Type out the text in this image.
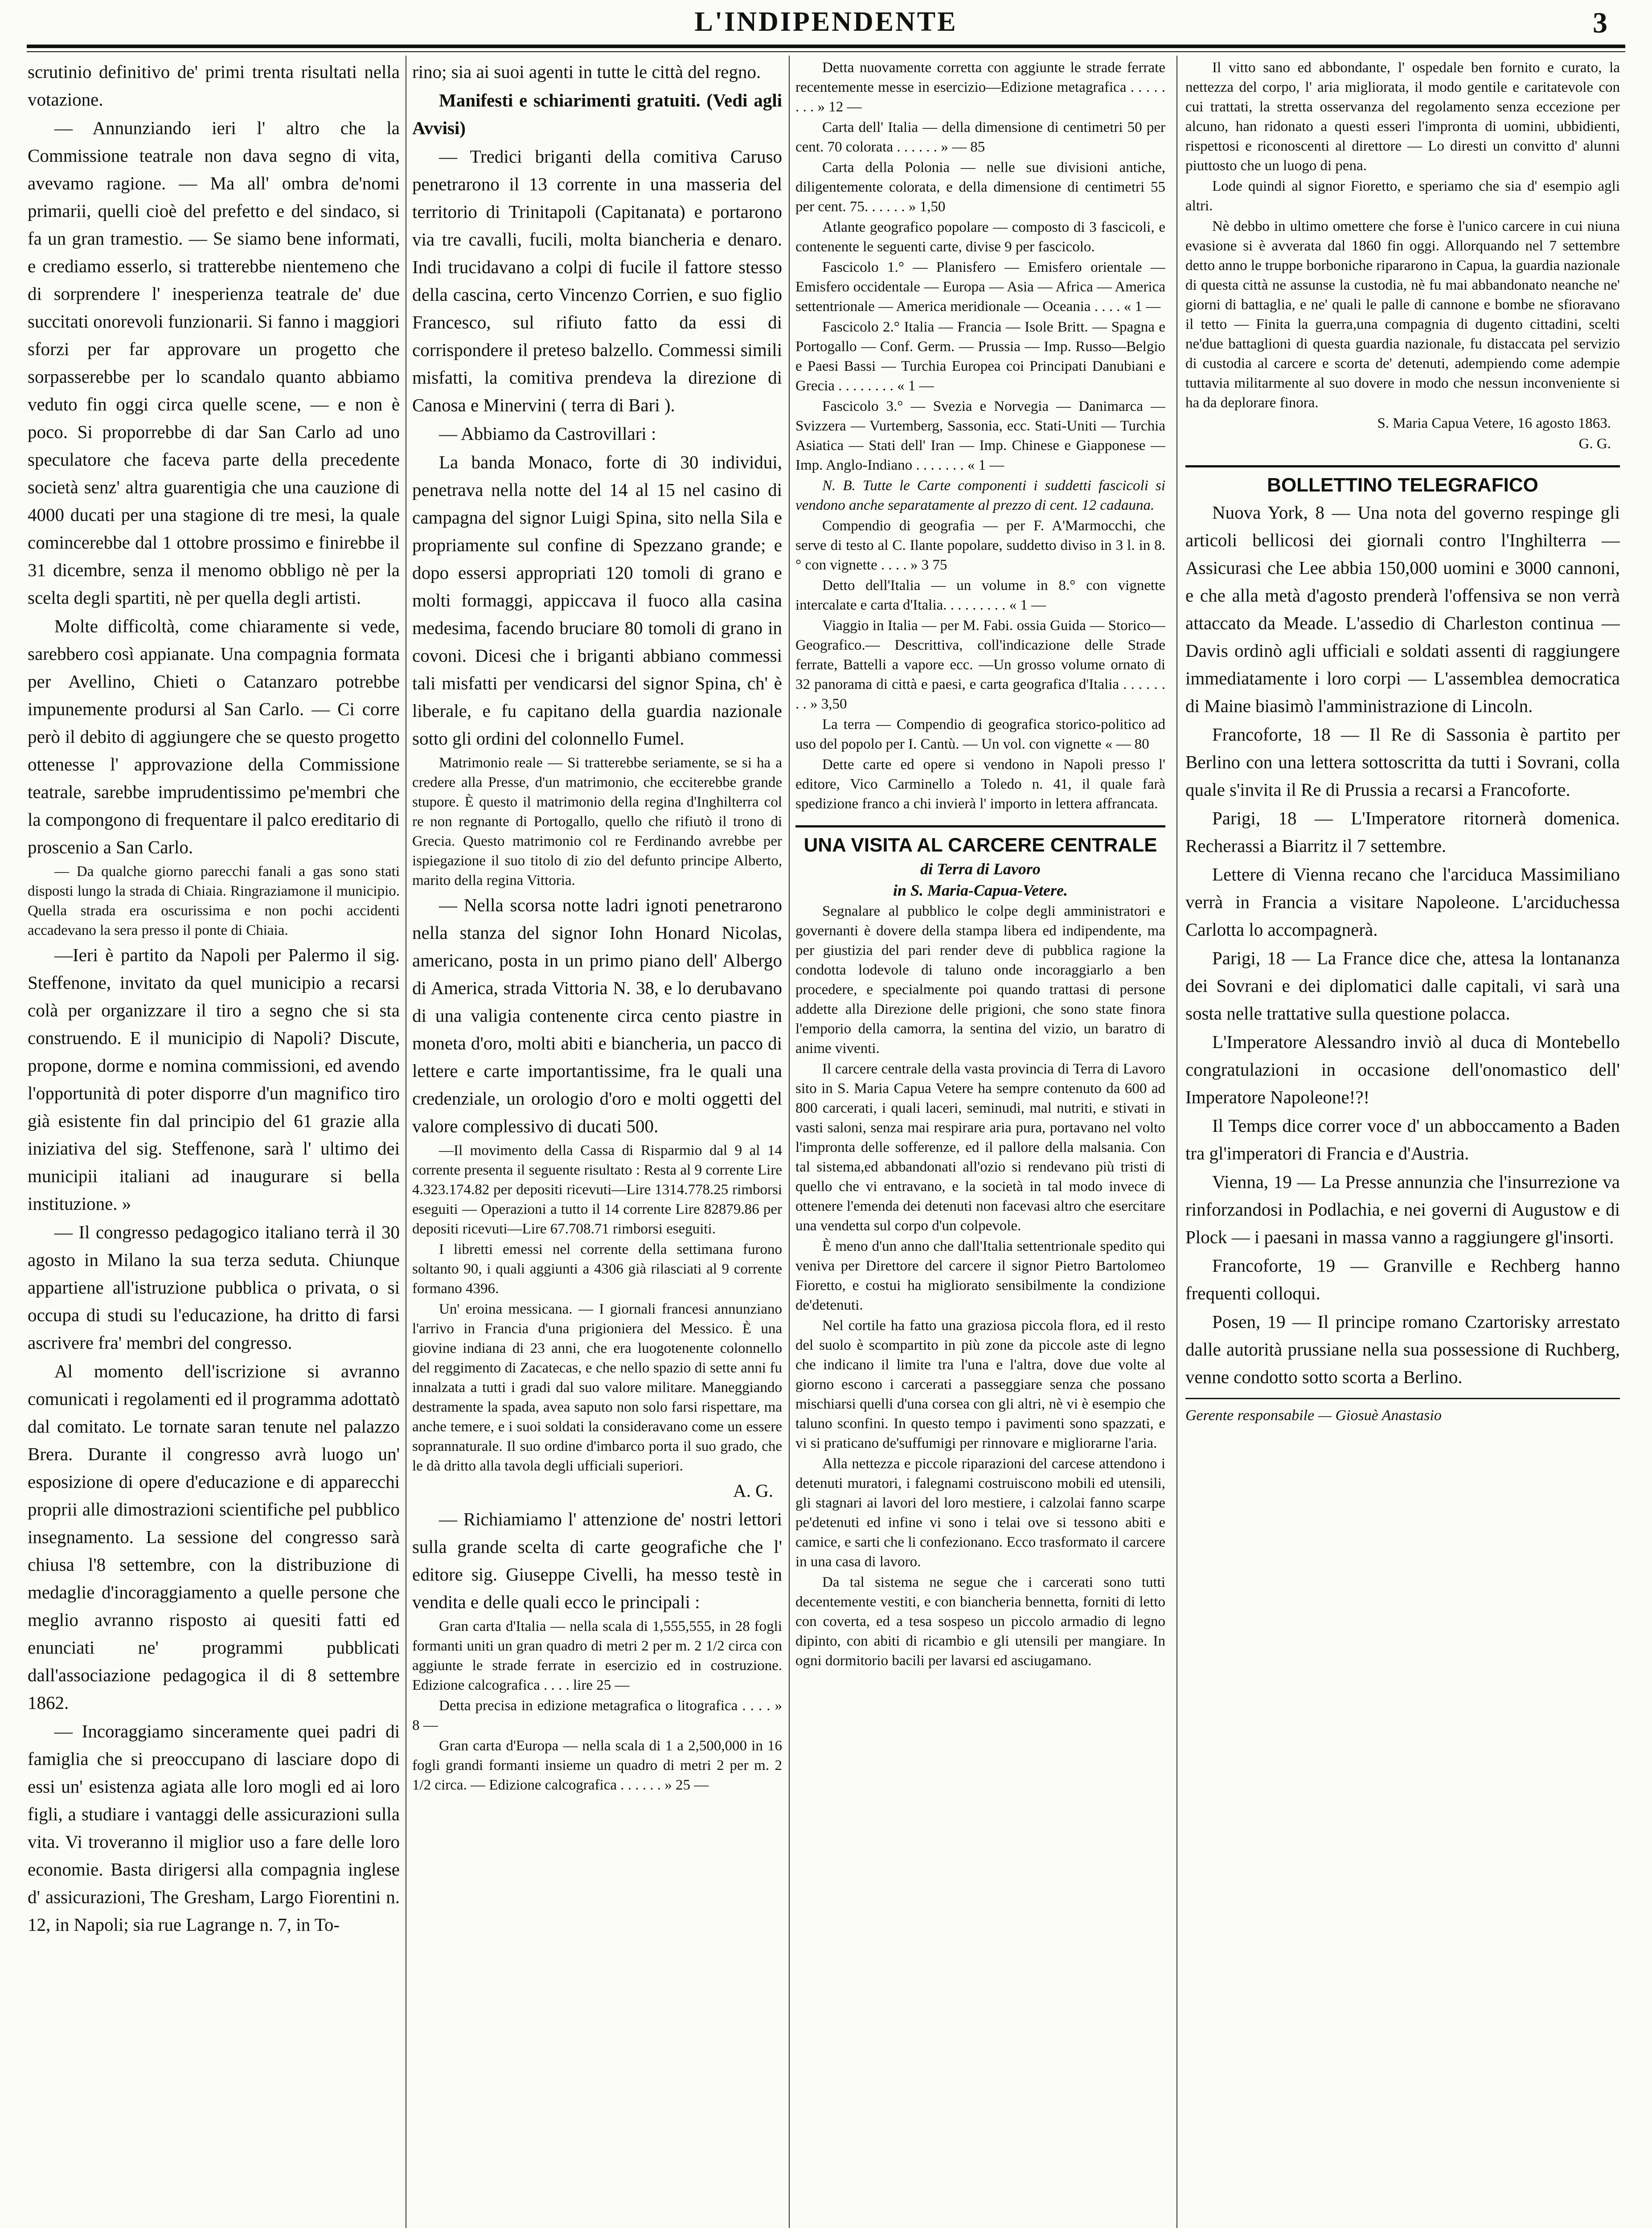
L'INDIPENDENTE	3

scrutinio definitivo de' primi trenta risultati nella votazione.

— Annunziando ieri l' altro che la Commissione teatrale non dava segno di vita, avevamo ragione. — Ma all' ombra de'nomi primarii, quelli cioè del prefetto e del sindaco, si fa un gran tramestio. — Se siamo bene informati, e crediamo esserlo, si tratterebbe nientemeno che di sorprendere l' inesperienza teatrale de' due succitati onorevoli funzionarii. Si fanno i maggiori sforzi per far approvare un progetto che sorpasserebbe per lo scandalo quanto abbiamo veduto fin oggi circa quelle scene, — e non è poco. Si proporrebbe di dar San Carlo ad uno speculatore che faceva parte della precedente società senz' altra guarentigia che una cauzione di 4000 ducati per una stagione di tre mesi, la quale comincerebbe dal 1 ottobre prossimo e finirebbe il 31 dicembre, senza il menomo obbligo nè per la scelta degli spartiti, nè per quella degli artisti.

Molte difficoltà, come chiaramente si vede, sarebbero così appianate. Una compagnia formata per Avellino, Chieti o Catanzaro potrebbe impunemente prodursi al San Carlo. — Ci corre però il debito di aggiungere che se questo progetto ottenesse l' approvazione della Commissione teatrale, sarebbe imprudentissimo pe'membri che la compongono di frequentare il palco ereditario di proscenio a San Carlo.

— Da qualche giorno parecchi fanali a gas sono stati disposti lungo la strada di Chiaia. Ringraziamone il municipio. Quella strada era oscurissima e non pochi accidenti accadevano la sera presso il ponte di Chiaia.

—Ieri è partito da Napoli per Palermo il sig. Steffenone, invitato da quel municipio a recarsi colà per organizzare il tiro a segno che si sta construendo. E il municipio di Napoli? Discute, propone, dorme e nomina commissioni, ed avendo l'opportunità di poter disporre d'un magnifico tiro già esistente fin dal principio del 61 grazie alla iniziativa del sig. Steffenone, sarà l' ultimo dei municipii italiani ad inaugurare si bella instituzione. »

— Il congresso pedagogico italiano terrà il 30 agosto in Milano la sua terza seduta. Chiunque appartiene all'istruzione pubblica o privata, o si occupa di studi su l'educazione, ha dritto di farsi ascrivere fra' membri del congresso.

Al momento dell'iscrizione si avranno comunicati i regolamenti ed il programma adottatò dal comitato. Le tornate saran tenute nel palazzo Brera. Durante il congresso avrà luogo un' esposizione di opere d'educazione e di apparecchi proprii alle dimostrazioni scientifiche pel pubblico insegnamento. La sessione del congresso sarà chiusa l'8 settembre, con la distribuzione di medaglie d'incoraggiamento a quelle persone che meglio avranno risposto ai quesiti fatti ed enunciati ne' programmi pubblicati dall'associazione pedagogica il di 8 settembre 1862.

— Incoraggiamo sinceramente quei padri di famiglia che si preoccupano di lasciare dopo di essi un' esistenza agiata alle loro mogli ed ai loro figli, a studiare i vantaggi delle assicurazioni sulla vita. Vi troveranno il miglior uso a fare delle loro economie. Basta dirigersi alla compagnia inglese d' assicurazioni, The Gresham, Largo Fiorentini n. 12, in Napoli; sia rue Lagrange n. 7, in To-

rino; sia ai suoi agenti in tutte le città del regno.

Manifesti e schiarimenti gratuiti. (Vedi agli Avvisi)

— Tredici briganti della comitiva Caruso penetrarono il 13 corrente in una masseria del territorio di Trinitapoli (Capitanata) e portarono via tre cavalli, fucili, molta biancheria e denaro. Indi trucidavano a colpi di fucile il fattore stesso della cascina, certo Vincenzo Corrien, e suo figlio Francesco, sul rifiuto fatto da essi di corrispondere il preteso balzello. Commessi simili misfatti, la comitiva prendeva la direzione di Canosa e Minervini ( terra di Bari ).

— Abbiamo da Castrovillari :

La banda Monaco, forte di 30 individui, penetrava nella notte del 14 al 15 nel casino di campagna del signor Luigi Spina, sito nella Sila e propriamente sul confine di Spezzano grande; e dopo essersi appropriati 120 tomoli di grano e molti formaggi, appiccava il fuoco alla casina medesima, facendo bruciare 80 tomoli di grano in covoni. Dicesi che i briganti abbiano commessi tali misfatti per vendicarsi del signor Spina, ch' è liberale, e fu capitano della guardia nazionale sotto gli ordini del colonnello Fumel.

Matrimonio reale — Si tratterebbe seriamente, se si ha a credere alla Presse, d'un matrimonio, che ecciterebbe grande stupore. È questo il matrimonio della regina d'Inghilterra col re non regnante di Portogallo, quello che rifiutò il trono di Grecia. Questo matrimonio col re Ferdinando avrebbe per ispiegazione il suo titolo di zio del defunto principe Alberto, marito della regina Vittoria.

— Nella scorsa notte ladri ignoti penetrarono nella stanza del signor Iohn Honard Nicolas, americano, posta in un primo piano dell' Albergo di America, strada Vittoria N. 38, e lo derubavano di una valigia contenente circa cento piastre in moneta d'oro, molti abiti e biancheria, un pacco di lettere e carte importantissime, fra le quali una credenziale, un orologio d'oro e molti oggetti del valore complessivo di ducati 500.

—Il movimento della Cassa di Risparmio dal 9 al 14 corrente presenta il seguente risultato : Resta al 9 corrente Lire 4.323.174.82 per depositi ricevuti—Lire 1314.778.25 rimborsi eseguiti — Operazioni a tutto il 14 corrente Lire 82879.86 per depositi ricevuti—Lire 67.708.71 rimborsi eseguiti.

I libretti emessi nel corrente della settimana furono soltanto 90, i quali aggiunti a 4306 già rilasciati al 9 corrente formano 4396.

Un' eroina messicana. — I giornali francesi annunziano l'arrivo in Francia d'una prigioniera del Messico. È una giovine indiana di 23 anni, che era luogotenente colonnello del reggimento di Zacatecas, e che nello spazio di sette anni fu innalzata a tutti i gradi dal suo valore militare. Maneggiando destramente la spada, avea saputo non solo farsi rispettare, ma anche temere, e i suoi soldati la consideravano come un essere soprannaturale. Il suo ordine d'imbarco porta il suo grado, che le dà dritto alla tavola degli ufficiali superiori.

A. G.

— Richiamiamo l' attenzione de' nostri lettori sulla grande scelta di carte geografiche che l' editore sig. Giuseppe Civelli, ha messo testè in vendita e delle quali ecco le principali :

Gran carta d'Italia — nella scala di 1,555,555, in 28 fogli formanti uniti un gran quadro di metri 2 per m. 2 1/2 circa con aggiunte le strade ferrate in esercizio ed in costruzione. Edizione calcografica . . . . lire 25 —

Detta precisa in edizione metagrafica o litografica . . . . » 8 —

Gran carta d'Europa — nella scala di 1 a 2,500,000 in 16 fogli grandi formanti insieme un quadro di metri 2 per m. 2 1/2 circa. — Edizione calcografica . . . . . . » 25 —

Detta nuovamente corretta con aggiunte le strade ferrate recentemente messe in esercizio—Edizione metagrafica . . . . . . . . » 12 —

Carta dell' Italia — della dimensione di centimetri 50 per cent. 70 colorata . . . . . . » — 85

Carta della Polonia — nelle sue divisioni antiche, diligentemente colorata, e della dimensione di centimetri 55 per cent. 75. . . . . . » 1,50

Atlante geografico popolare — composto di 3 fascicoli, e contenente le seguenti carte, divise 9 per fascicolo.

Fascicolo 1.° — Planisfero — Emisfero orientale — Emisfero occidentale — Europa — Asia — Africa — America settentrionale — America meridionale — Oceania . . . . « 1 —

Fascicolo 2.° Italia — Francia — Isole Britt. — Spagna e Portogallo — Conf. Germ. — Prussia — Imp. Russo—Belgio e Paesi Bassi — Turchia Europea coi Principati Danubiani e Grecia . . . . . . . . « 1 —

Fascicolo 3.° — Svezia e Norvegia — Danimarca — Svizzera — Vurtemberg, Sassonia, ecc. Stati-Uniti — Turchia Asiatica — Stati dell' Iran — Imp. Chinese e Giapponese — Imp. Anglo-Indiano . . . . . . . « 1 —

N. B. Tutte le Carte componenti i suddetti fascicoli si vendono anche separatamente al prezzo di cent. 12 cadauna.

Compendio di geografia — per F. A'Marmocchi, che serve di testo al C. Ilante popolare, suddetto diviso in 3 l. in 8.° con vignette . . . . » 3 75

Detto dell'Italia — un volume in 8.° con vignette intercalate e carta d'Italia. . . . . . . . . « 1 —

Viaggio in Italia — per M. Fabi. ossia Guida — Storico—Geografico.— Descrittiva, coll'indicazione delle Strade ferrate, Battelli a vapore ecc. —Un grosso volume ornato di 32 panorama di città e paesi, e carta geografica d'Italia . . . . . . . . » 3,50

La terra — Compendio di geografica storico-politico ad uso del popolo per I. Cantù. — Un vol. con vignette « — 80

Dette carte ed opere si vendono in Napoli presso l' editore, Vico Carminello a Toledo n. 41, il quale farà spedizione franco a chi invierà l' importo in lettera affrancata.

UNA VISITA AL CARCERE CENTRALE
di Terra di Lavoro
in S. Maria-Capua-Vetere.

Segnalare al pubblico le colpe degli amministratori e governanti è dovere della stampa libera ed indipendente, ma per giustizia del pari render deve di pubblica ragione la condotta lodevole di taluno onde incoraggiarlo a ben procedere, e specialmente poi quando trattasi di persone addette alla Direzione delle prigioni, che sono state finora l'emporio della camorra, la sentina del vizio, un baratro di anime viventi.

Il carcere centrale della vasta provincia di Terra di Lavoro sito in S. Maria Capua Vetere ha sempre contenuto da 600 ad 800 carcerati, i quali laceri, seminudi, mal nutriti, e stivati in vasti saloni, senza mai respirare aria pura, portavano nel volto l'impronta delle sofferenze, ed il pallore della malsania. Con tal sistema,ed abbandonati all'ozio si rendevano più tristi di quello che vi entravano, e la società in tal modo invece di ottenere l'emenda dei detenuti non facevasi altro che esercitare una vendetta sul corpo d'un colpevole.

È meno d'un anno che dall'Italia settentrionale spedito qui veniva per Direttore del carcere il signor Pietro Bartolomeo Fioretto, e costui ha migliorato sensibilmente la condizione de'detenuti.

Nel cortile ha fatto una graziosa piccola flora, ed il resto del suolo è scompartito in più zone da piccole aste di legno che indicano il limite tra l'una e l'altra, dove due volte al giorno escono i carcerati a passeggiare senza che possano mischiarsi quelli d'una corsea con gli altri, nè vi è esempio che taluno sconfini. In questo tempo i pavimenti sono spazzati, e vi si praticano de'suffumigi per rinnovare e migliorarne l'aria.

Alla nettezza e piccole riparazioni del carcese attendono i detenuti muratori, i falegnami costruiscono mobili ed utensili, gli stagnari ai lavori del loro mestiere, i calzolai fanno scarpe pe'detenuti ed infine vi sono i telai ove si tessono abiti e camice, e sarti che li confezionano. Ecco trasformato il carcere in una casa di lavoro.

Da tal sistema ne segue che i carcerati sono tutti decentemente vestiti, e con biancheria bennetta, forniti di letto con coverta, ed a tesa sospeso un piccolo armadio di legno dipinto, con abiti di ricambio e gli utensili per mangiare. In ogni dormitorio bacili per lavarsi ed asciugamano.

Il vitto sano ed abbondante, l' ospedale ben fornito e curato, la nettezza del corpo, l' aria migliorata, il modo gentile e caritatevole con cui trattati, la stretta osservanza del regolamento senza eccezione per alcuno, han ridonato a questi esseri l'impronta di uomini, ubbidienti, rispettosi e riconoscenti al direttore — Lo diresti un convitto d' alunni piuttosto che un luogo di pena.

Lode quindi al signor Fioretto, e speriamo che sia d' esempio agli altri.

Nè debbo in ultimo omettere che forse è l'unico carcere in cui niuna evasione si è avverata dal 1860 fin oggi. Allorquando nel 7 settembre detto anno le truppe borboniche ripararono in Capua, la guardia nazionale di questa città ne assunse la custodia, nè fu mai abbandonato neanche ne' giorni di battaglia, e ne' quali le palle di cannone e bombe ne sfioravano il tetto — Finita la guerra,una compagnia di dugento cittadini, scelti ne'due battaglioni di questa guardia nazionale, fu distaccata pel servizio di custodia al carcere e scorta de' detenuti, adempiendo come adempie tuttavia militarmente al suo dovere in modo che nessun inconveniente si ha da deplorare finora.

S. Maria Capua Vetere, 16 agosto 1863.

G. G.

BOLLETTINO TELEGRAFICO

Nuova York, 8 — Una nota del governo respinge gli articoli bellicosi dei giornali contro l'Inghilterra — Assicurasi che Lee abbia 150,000 uomini e 3000 cannoni, e che alla metà d'agosto prenderà l'offensiva se non verrà attaccato da Meade. L'assedio di Charleston continua — Davis ordinò agli ufficiali e soldati assenti di raggiungere immediatamente i loro corpi — L'assemblea democratica di Maine biasimò l'amministrazione di Lincoln.

Francoforte, 18 — Il Re di Sassonia è partito per Berlino con una lettera sottoscritta da tutti i Sovrani, colla quale s'invita il Re di Prussia a recarsi a Francoforte.

Parigi, 18 — L'Imperatore ritornerà domenica. Recherassi a Biarritz il 7 settembre.

Lettere di Vienna recano che l'arciduca Massimiliano verrà in Francia a visitare Napoleone. L'arciduchessa Carlotta lo accompagnerà.

Parigi, 18 — La France dice che, attesa la lontananza dei Sovrani e dei diplomatici dalle capitali, vi sarà una sosta nelle trattative sulla questione polacca.

L'Imperatore Alessandro inviò al duca di Montebello congratulazioni in occasione dell'onomastico dell' Imperatore Napoleone!?!

Il Temps dice correr voce d' un abboccamento a Baden tra gl'imperatori di Francia e d'Austria.

Vienna, 19 — La Presse annunzia che l'insurrezione va rinforzandosi in Podlachia, e nei governi di Augustow e di Plock — i paesani in massa vanno a raggiungere gl'insorti.

Francoforte, 19 — Granville e Rechberg hanno frequenti colloqui.

Posen, 19 — Il principe romano Czartorisky arrestato dalle autorità prussiane nella sua possessione di Ruchberg, venne condotto sotto scorta a Berlino.

Gerente responsabile — Giosuè Anastasio
